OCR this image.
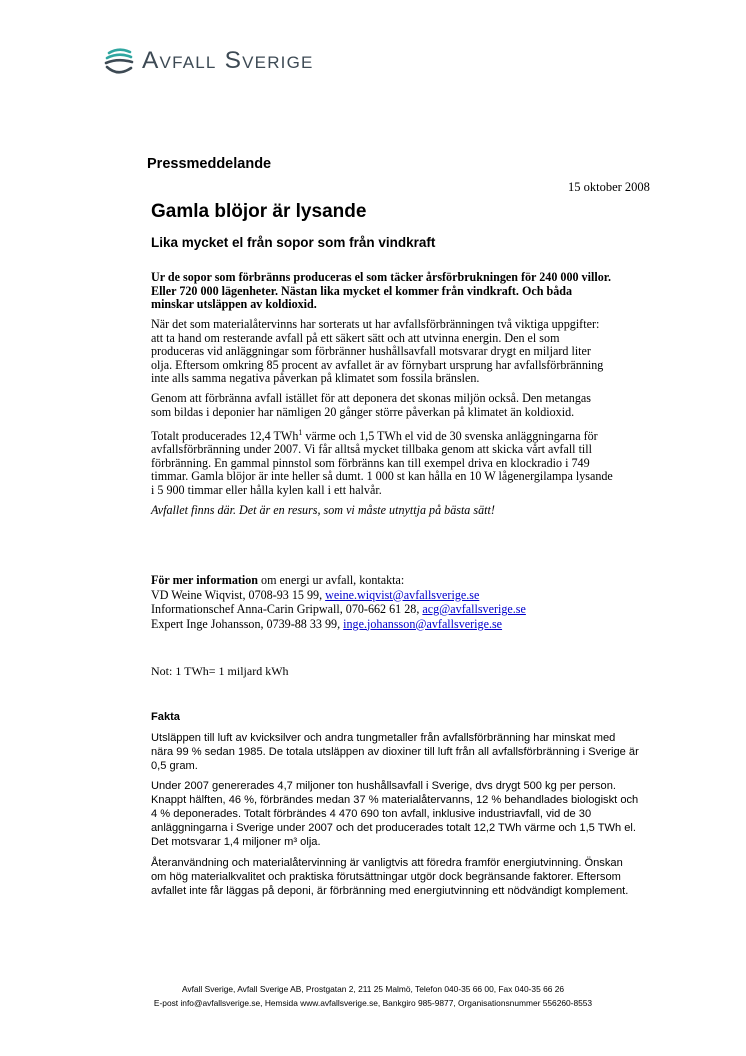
Avfall Sverige
Pressmeddelande
15 oktober 2008
Gamla blöjor är lysande
Lika mycket el från sopor som från vindkraft

Ur de sopor som förbränns produceras el som täcker årsförbrukningen för 240 000 villor. Eller 720 000 lägenheter. Nästan lika mycket el kommer från vindkraft. Och båda minskar utsläppen av koldioxid.

När det som materialåtervinns har sorterats ut har avfallsförbränningen två viktiga uppgifter: att ta hand om resterande avfall på ett säkert sätt och att utvinna energin. Den el som produceras vid anläggningar som förbränner hushållsavfall motsvarar drygt en miljard liter olja. Eftersom omkring 85 procent av avfallet är av förnybart ursprung har avfallsförbränning inte alls samma negativa påverkan på klimatet som fossila bränslen.

Genom att förbränna avfall istället för att deponera det skonas miljön också. Den metangas som bildas i deponier har nämligen 20 gånger större påverkan på klimatet än koldioxid.

Totalt producerades 12,4 TWh$^1$ värme och 1,5 TWh el vid de 30 svenska anläggningarna för avfallsförbränning under 2007. Vi får alltså mycket tillbaka genom att skicka vårt avfall till förbränning. En gammal pinnstol som förbränns kan till exempel driva en klockradio i 749 timmar. Gamla blöjor är inte heller så dumt. 1 000 st kan hålla en 10 W lågenergilampa lysande i 5 900 timmar eller hålla kylen kall i ett halvår.

Avfallet finns där. Det är en resurs, som vi måste utnyttja på bästa sätt!

För mer information om energi ur avfall, kontakta:
VD Weine Wiqvist, 0708-93 15 99, weine.wiqvist@avfallsverige.se
Informationschef Anna-Carin Gripwall, 070-662 61 28, acg@avfallsverige.se
Expert Inge Johansson, 0739-88 33 99, inge.johansson@avfallsverige.se
Not: 1 TWh= 1 miljard kWh

Fakta

Utsläppen till luft av kvicksilver och andra tungmetaller från avfallsförbränning har minskat med nära 99 % sedan 1985. De totala utsläppen av dioxiner till luft från all avfallsförbränning i Sverige är 0,5 gram.

Under 2007 genererades 4,7 miljoner ton hushållsavfall i Sverige, dvs drygt 500 kg per person. Knappt hälften, 46 %, förbrändes medan 37 % materialåtervanns, 12 % behandlades biologiskt och 4 % deponerades. Totalt förbrändes 4 470 690 ton avfall, inklusive industriavfall, vid de 30 anläggningarna i Sverige under 2007 och det producerades totalt 12,2 TWh värme och 1,5 TWh el. Det motsvarar 1,4 miljoner m³ olja.

Återanvändning och materialåtervinning är vanligtvis att föredra framför energiutvinning. Önskan om hög materialkvalitet och praktiska förutsättningar utgör dock begränsande faktorer. Eftersom avfallet inte får läggas på deponi, är förbränning med energiutvinning ett nödvändigt komplement.

Avfall Sverige, Avfall Sverige AB, Prostgatan 2, 211 25 Malmö, Telefon 040-35 66 00, Fax 040-35 66 26
E-post info@avfallsverige.se, Hemsida www.avfallsverige.se, Bankgiro 985-9877, Organisationsnummer 556260-8553
